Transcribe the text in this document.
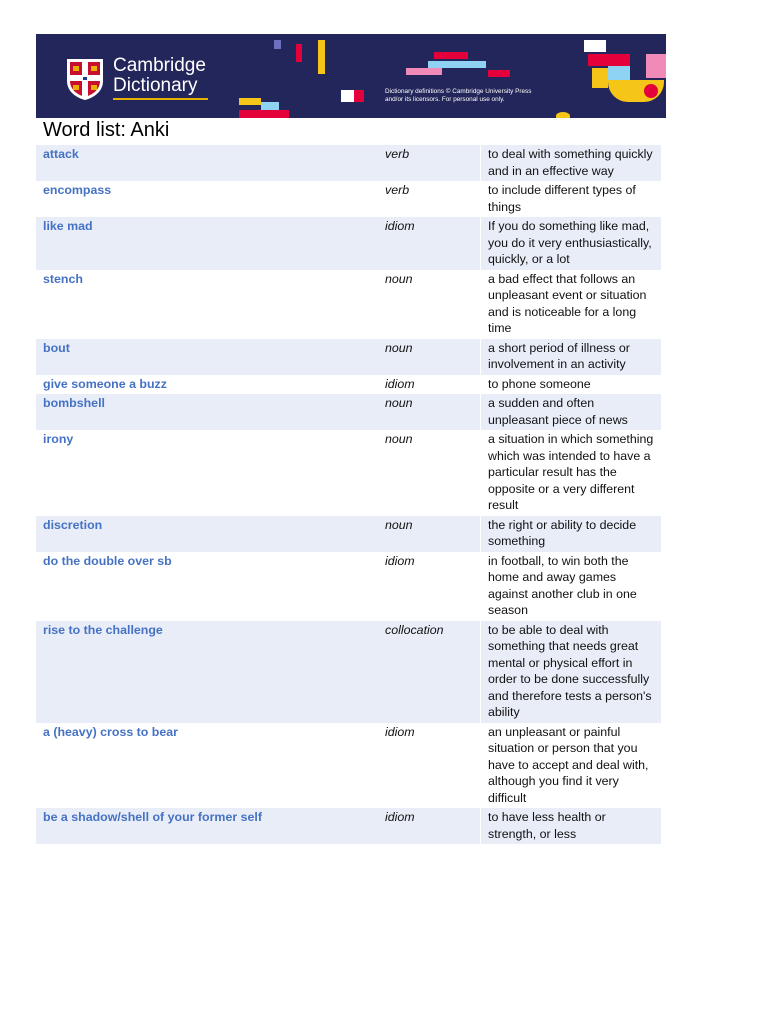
Cambridge
Dictionary	Dictionary definitions © Cambridge University Press
and/or its licensors. For personal use only.
Word list: Anki
attack	verb	to deal with something quickly and in an effective way
encompass	verb	to include different types of things
like mad	idiom	If you do something like mad, you do it very enthusiastically, quickly, or a lot
stench	noun	a bad effect that follows an unpleasant event or situation and is noticeable for a long time
bout	noun	a short period of illness or involvement in an activity
give someone a buzz	idiom	to phone someone
bombshell	noun	a sudden and often unpleasant piece of news
irony	noun	a situation in which something which was intended to have a particular result has the opposite or a very different result
discretion	noun	the right or ability to decide something
do the double over sb	idiom	in football, to win both the home and away games against another club in one season
rise to the challenge	collocation	to be able to deal with something that needs great mental or physical effort in order to be done successfully and therefore tests a person's ability
a (heavy) cross to bear	idiom	an unpleasant or painful situation or person that you have to accept and deal with, although you find it very difficult
be a shadow/shell of your former self	idiom	to have less health or strength, or less
